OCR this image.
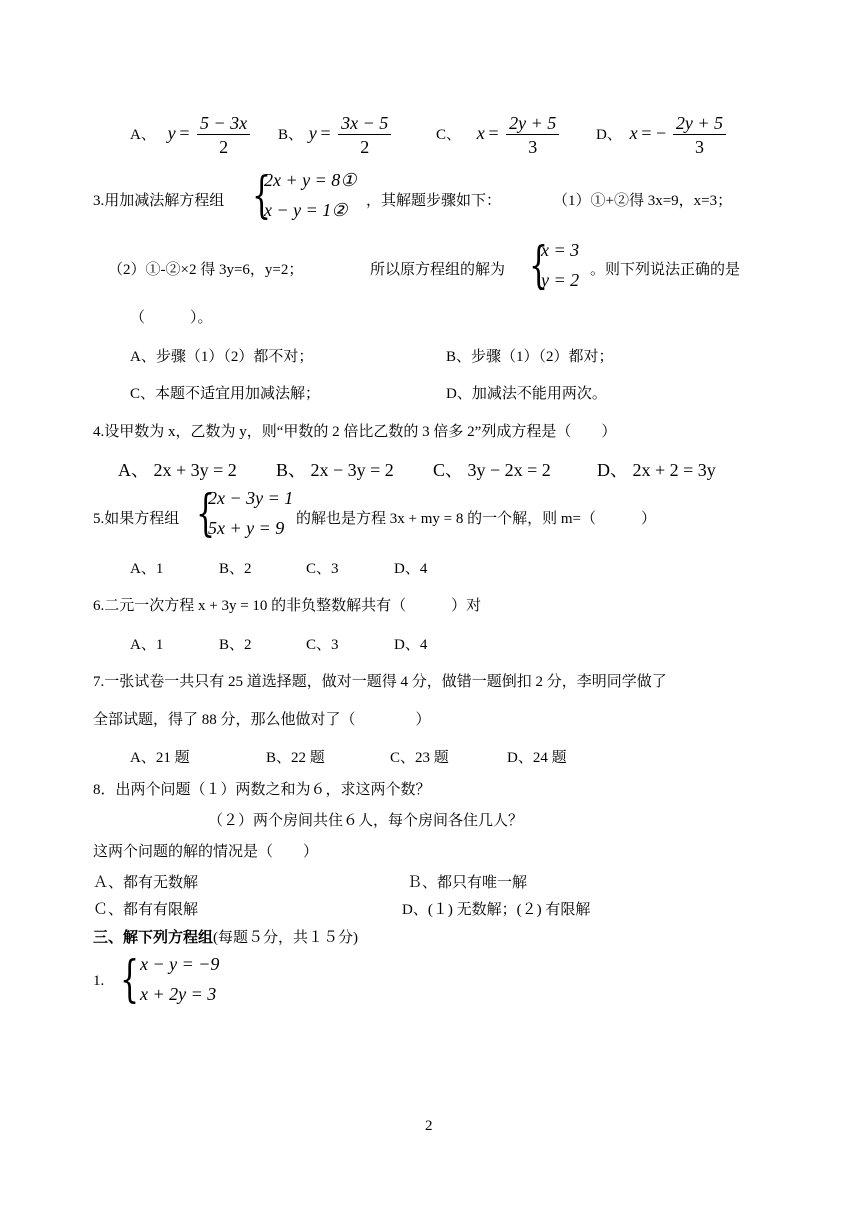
A、 $y = \frac{5 - 3x}{2}$ B、 $y = \frac{3x - 5}{2}$	C、 $x = \frac{2y + 5}{3}$ D、 x = − $\frac{2y + 5}{3}$
3.用加减法解方程组 {
2x + y = 8①
x − y = 1② ，其解题步骤如下：	（1）①+②得 3x=9，x=3；
（2）①-②×2 得 3y=6，y=2；	所以原方程组的解为 {
x = 3
y = 2 。则下列说法正确的是
（　　　）。
A、步骤（1）（2）都不对；	B、步骤（1）（2）都对；
C、本题不适宜用加减法解；	D、加减法不能用两次。
4.设甲数为 x，乙数为 y，则“甲数的 2 倍比乙数的 3 倍多 2”列成方程是（　　）
A、 2x + 3y = 2 B、 2x − 3y = 2 C、 3y − 2x = 2	D、 2x + 2 = 3y
5.如果方程组 {
2x − 3y = 1
5x + y = 9 的解也是方程 3x + my = 8 的一个解，则 m=（　　　）
A、1	B、2	C、3	D、4
6.二元一次方程 x + 3y = 10 的非负整数解共有（　　　）对
A、1	B、2	C、3	D、4
7.一张试卷一共只有 25 道选择题，做对一题得 4 分，做错一题倒扣 2 分，李明同学做了
全部试题，得了 88 分，那么他做对了（　　　　）
A、21 题	B、22 题	C、23 题	D、24 题
8．出两个问题（１）两数之和为６，求这两个数？
（２）两个房间共住６人，每个房间各住几人？
这两个问题的解的情况是（　　）
Ａ、都有无数解	Ｂ、都只有唯一解
Ｃ、都有有限解	D、(１) 无数解；(２) 有限解
三、解下列方程组(每题５分，共１５分)
1. { x − y = −9
x + 2y = 3
2
